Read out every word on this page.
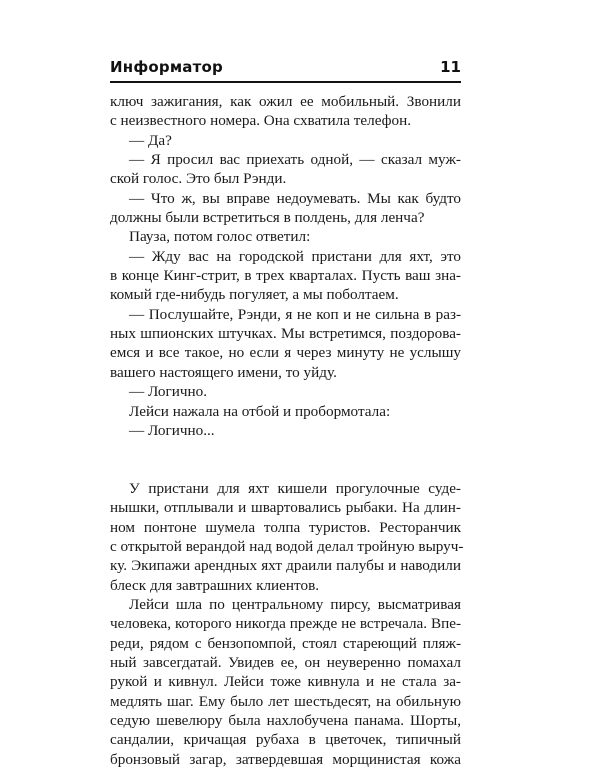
Информатор	11
ключ зажигания, как ожил ее мобильный. Звонили
с неизвестного номера. Она схватила телефон.
— Да?
— Я просил вас приехать одной, — сказал муж-
ской голос. Это был Рэнди.
— Что ж, вы вправе недоумевать. Мы как будто
должны были встретиться в полдень, для ленча?
Пауза, потом голос ответил:
— Жду вас на городской пристани для яхт, это
в конце Кинг-стрит, в трех кварталах. Пусть ваш зна-
комый где-нибудь погуляет, а мы поболтаем.
— Послушайте, Рэнди, я не коп и не сильна в раз-
ных шпионских штучках. Мы встретимся, поздорова-
емся и все такое, но если я через минуту не услышу
вашего настоящего имени, то уйду.
— Логично.
Лейси нажала на отбой и пробормотала:
— Логично...
У пристани для яхт кишели прогулочные суде-
нышки, отплывали и швартовались рыбаки. На длин-
ном понтоне шумела толпа туристов. Ресторанчик
с открытой верандой над водой делал тройную выруч-
ку. Экипажи арендных яхт драили палубы и наводили
блеск для завтрашних клиентов.
Лейси шла по центральному пирсу, высматривая
человека, которого никогда прежде не встречала. Впе-
реди, рядом с бензопомпой, стоял стареющий пляж-
ный завсегдатай. Увидев ее, он неуверенно помахал
рукой и кивнул. Лейси тоже кивнула и не стала за-
медлять шаг. Ему было лет шестьдесят, на обильную
седую шевелюру была нахлобучена панама. Шорты,
сандалии, кричащая рубаха в цветочек, типичный
бронзовый загар, затвердевшая морщинистая кожа
